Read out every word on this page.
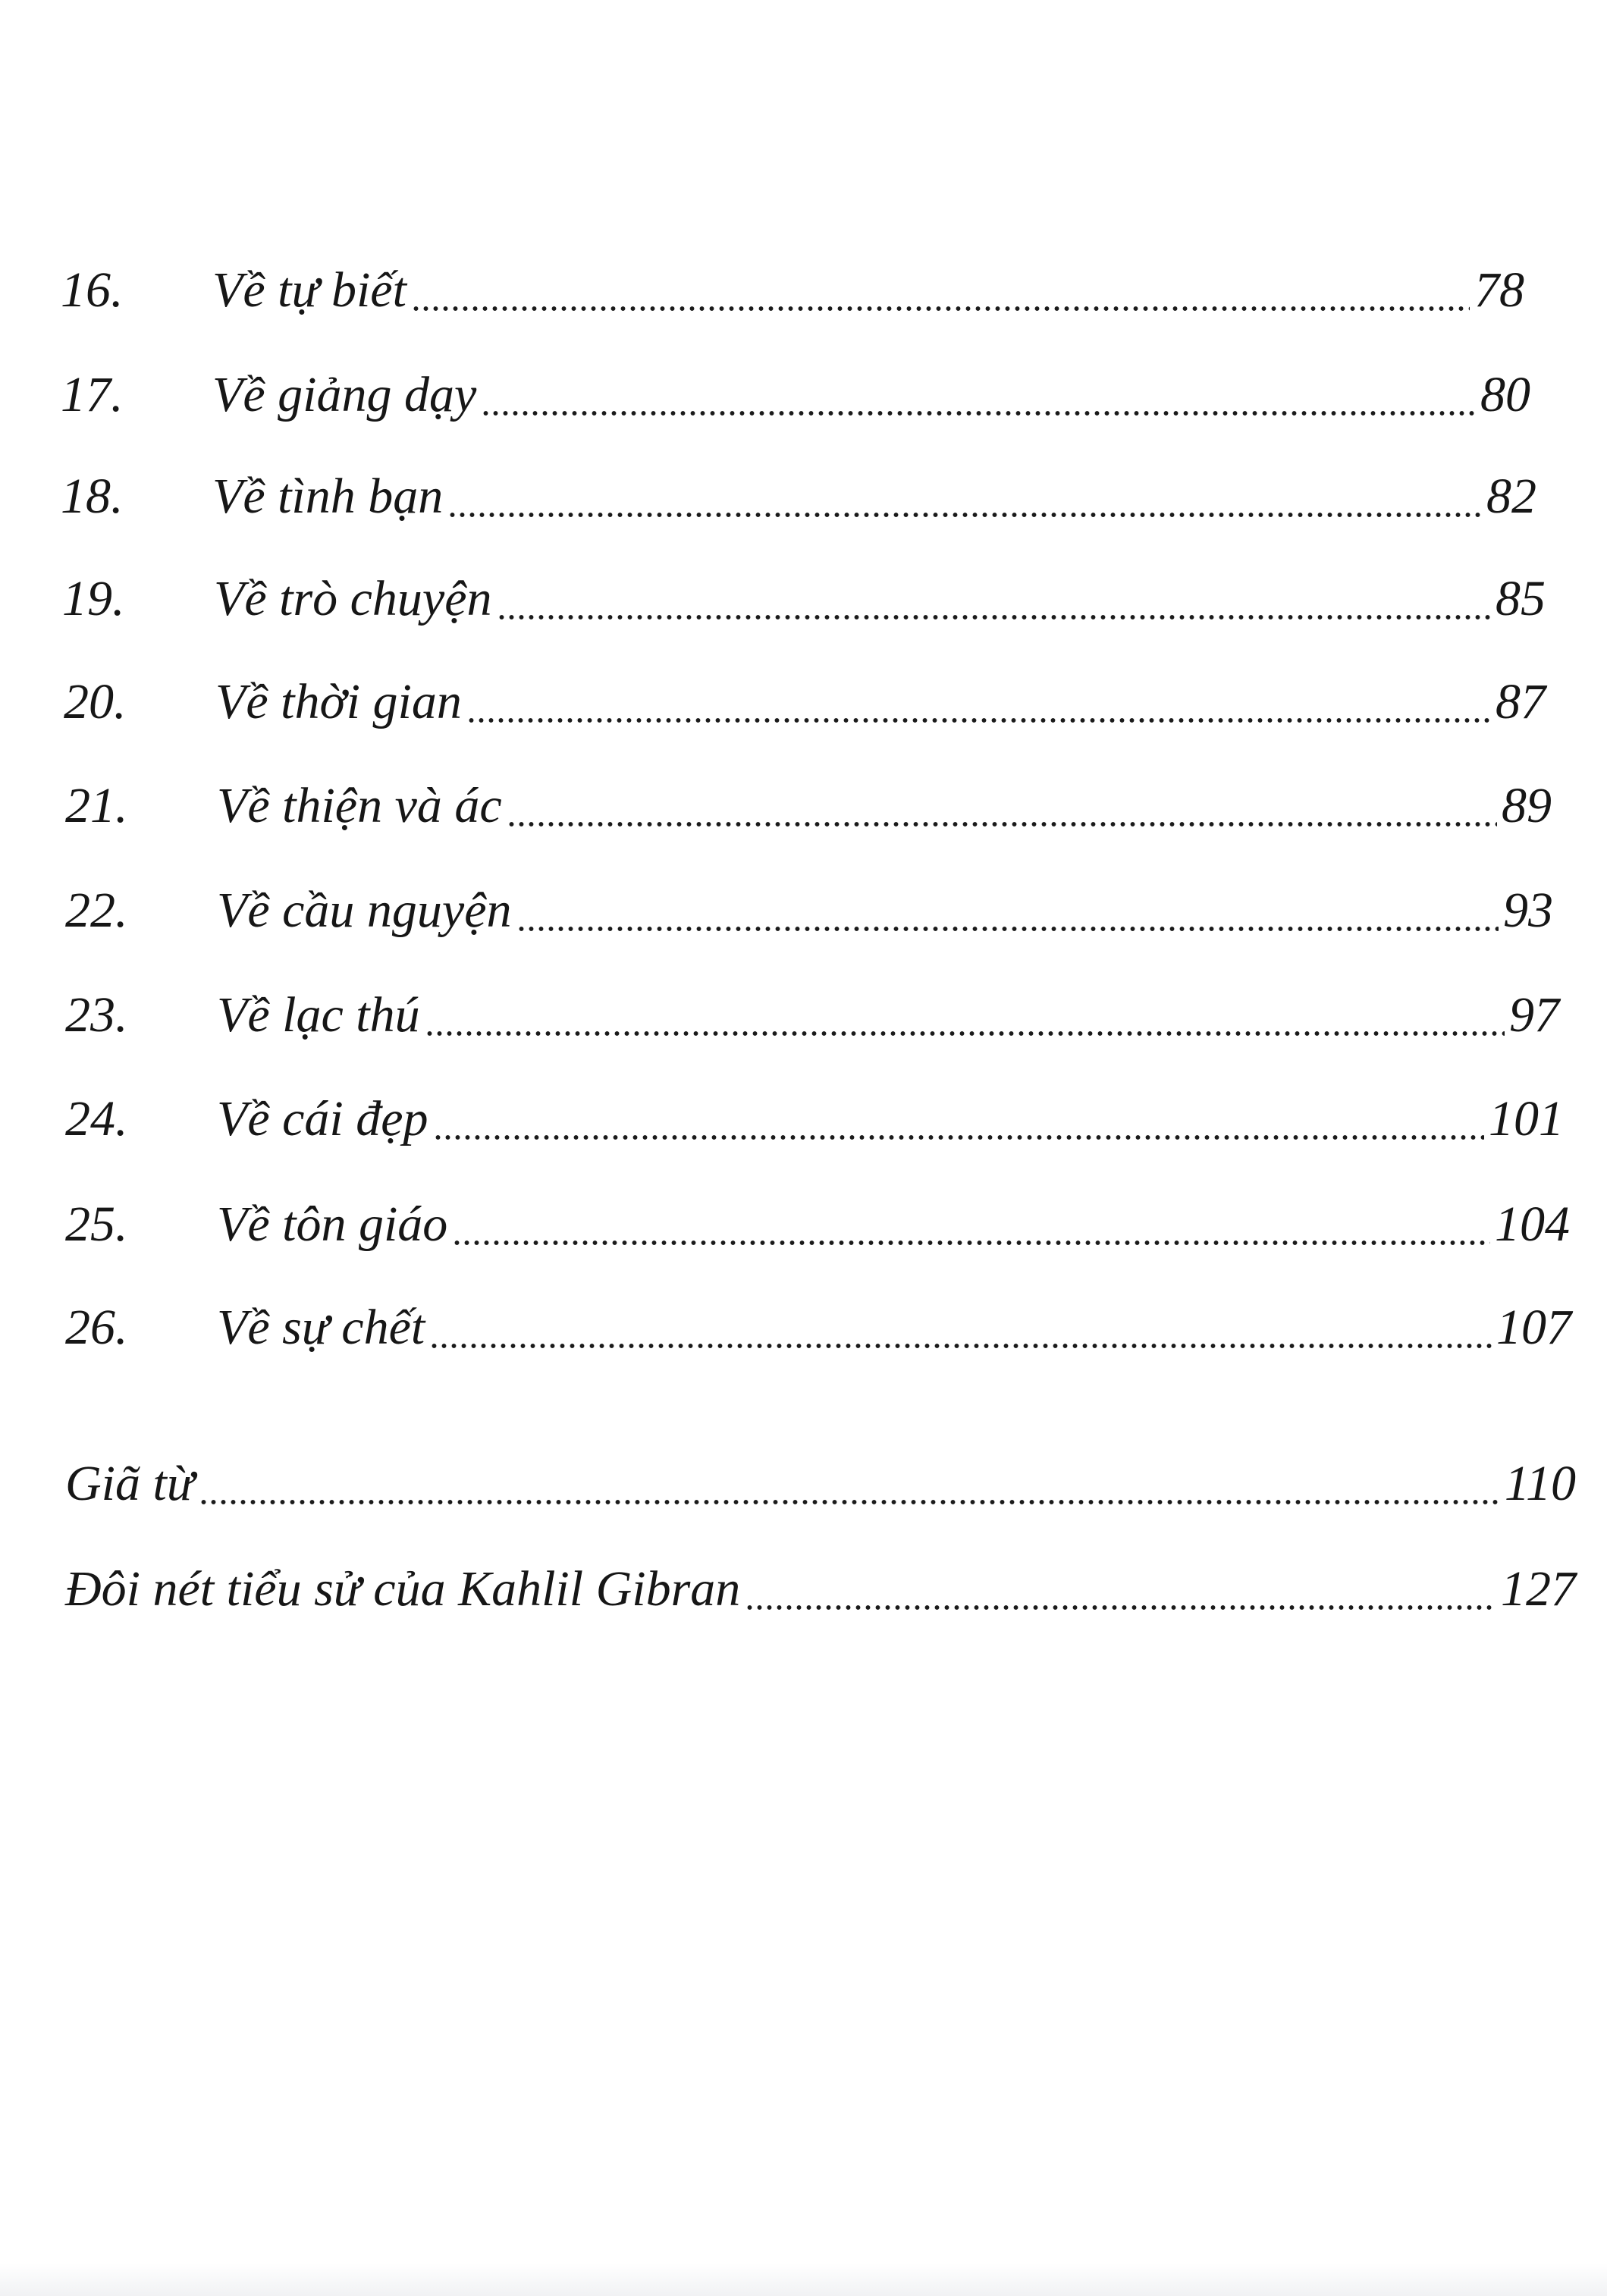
16.	Về tự biết	78
17.	Về giảng dạy	80
18.	Về tình bạn	82
19.	Về trò chuyện	85
20.	Về thời gian	87
21.	Về thiện và ác	89
22.	Về cầu nguyện	93
23.	Về lạc thú	97
24.	Về cái đẹp	101
25.	Về tôn giáo	104
26.	Về sự chết	107
Giã từ	110
Đôi nét tiểu sử của Kahlil Gibran	127
